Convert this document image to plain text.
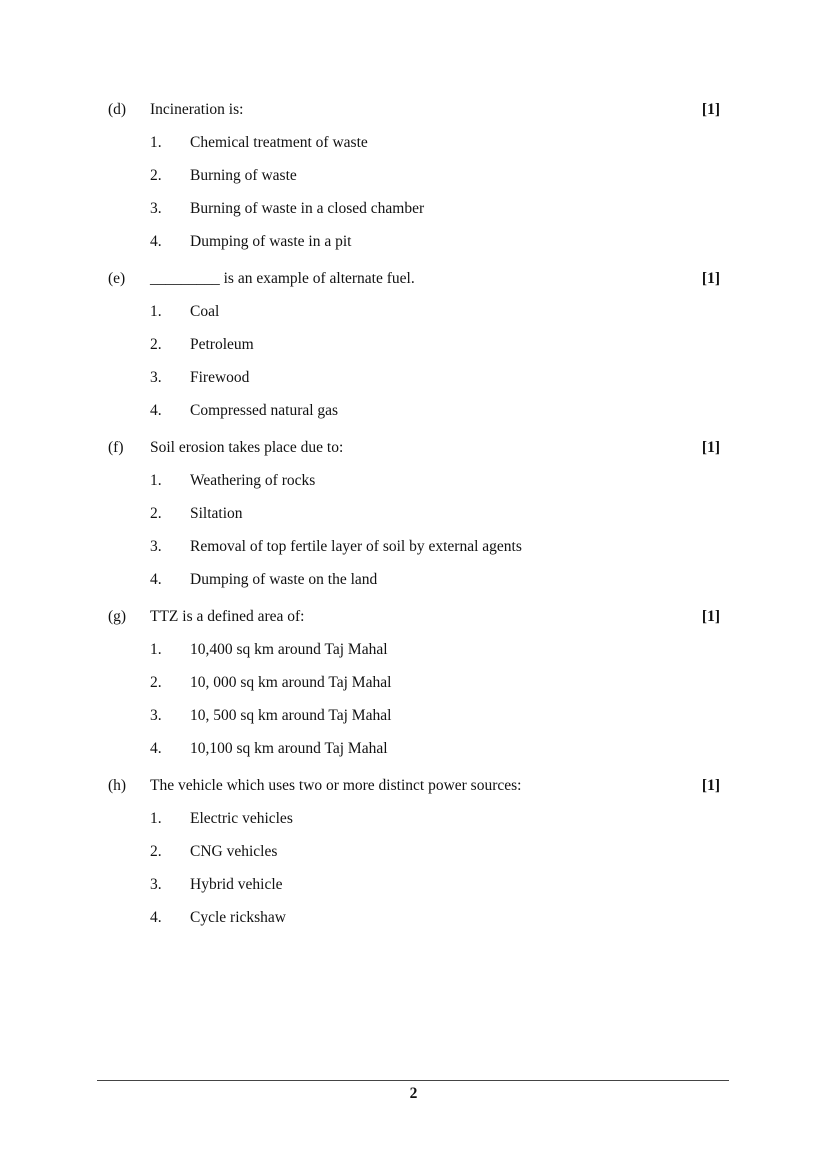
(d) Incineration is:	[1]
1. Chemical treatment of waste
2. Burning of waste
3. Burning of waste in a closed chamber
4. Dumping of waste in a pit
(e) _________ is an example of alternate fuel.	[1]
1. Coal
2. Petroleum
3. Firewood
4. Compressed natural gas
(f) Soil erosion takes place due to:	[1]
1. Weathering of rocks
2. Siltation
3. Removal of top fertile layer of soil by external agents
4. Dumping of waste on the land
(g) TTZ is a defined area of:	[1]
1. 10,400 sq km around Taj Mahal
2. 10, 000 sq km around Taj Mahal
3. 10, 500 sq km around Taj Mahal
4. 10,100 sq km around Taj Mahal
(h) The vehicle which uses two or more distinct power sources:	[1]
1. Electric vehicles
2. CNG vehicles
3. Hybrid vehicle
4. Cycle rickshaw
2
